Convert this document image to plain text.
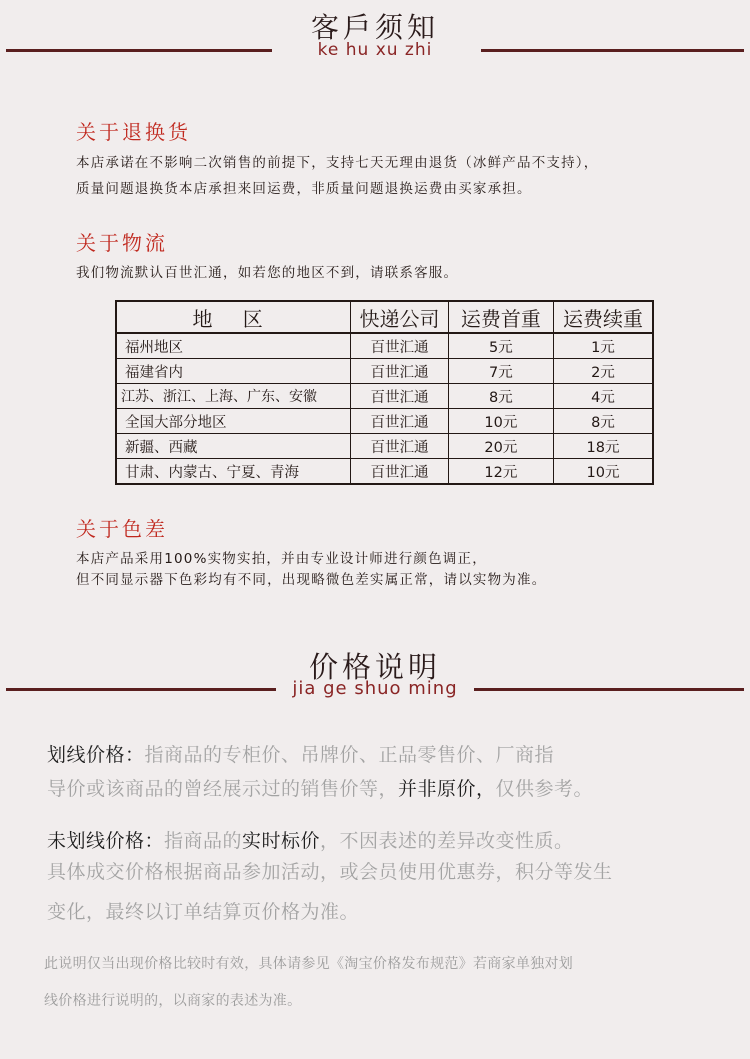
客戶须知
ke hu xu zhi
关于退换货
本店承诺在不影响二次销售的前提下，支持七天无理由退货（冰鲜产品不支持），
质量问题退换货本店承担来回运费，非质量问题退换运费由买家承担。
关于物流
我们物流默认百世汇通，如若您的地区不到，请联系客服。
地 区	快递公司	运费首重	运费续重
福州地区	百世汇通	5元	1元
福建省内	百世汇通	7元	2元
江苏、浙江、上海、广东、安徽	百世汇通	8元	4元
全国大部分地区	百世汇通	10元	8元
新疆、西藏	百世汇通	20元	18元
甘肃、内蒙古、宁夏、青海	百世汇通	12元	10元
关于色差
本店产品采用100%实物实拍，并由专业设计师进行颜色调正，
但不同显示器下色彩均有不同，出现略微色差实属正常，请以实物为准。
价格说明
jia ge shuo ming
划线价格：指商品的专柜价、吊牌价、正品零售价、厂商指
导价或该商品的曾经展示过的销售价等，并非原价，仅供参考。
未划线价格：指商品的实时标价，不因表述的差异改变性质。
具体成交价格根据商品参加活动，或会员使用优惠券，积分等发生
变化，最终以订单结算页价格为准。
此说明仅当出现价格比较时有效，具体请参见《淘宝价格发布规范》若商家单独对划
线价格进行说明的，以商家的表述为准。
